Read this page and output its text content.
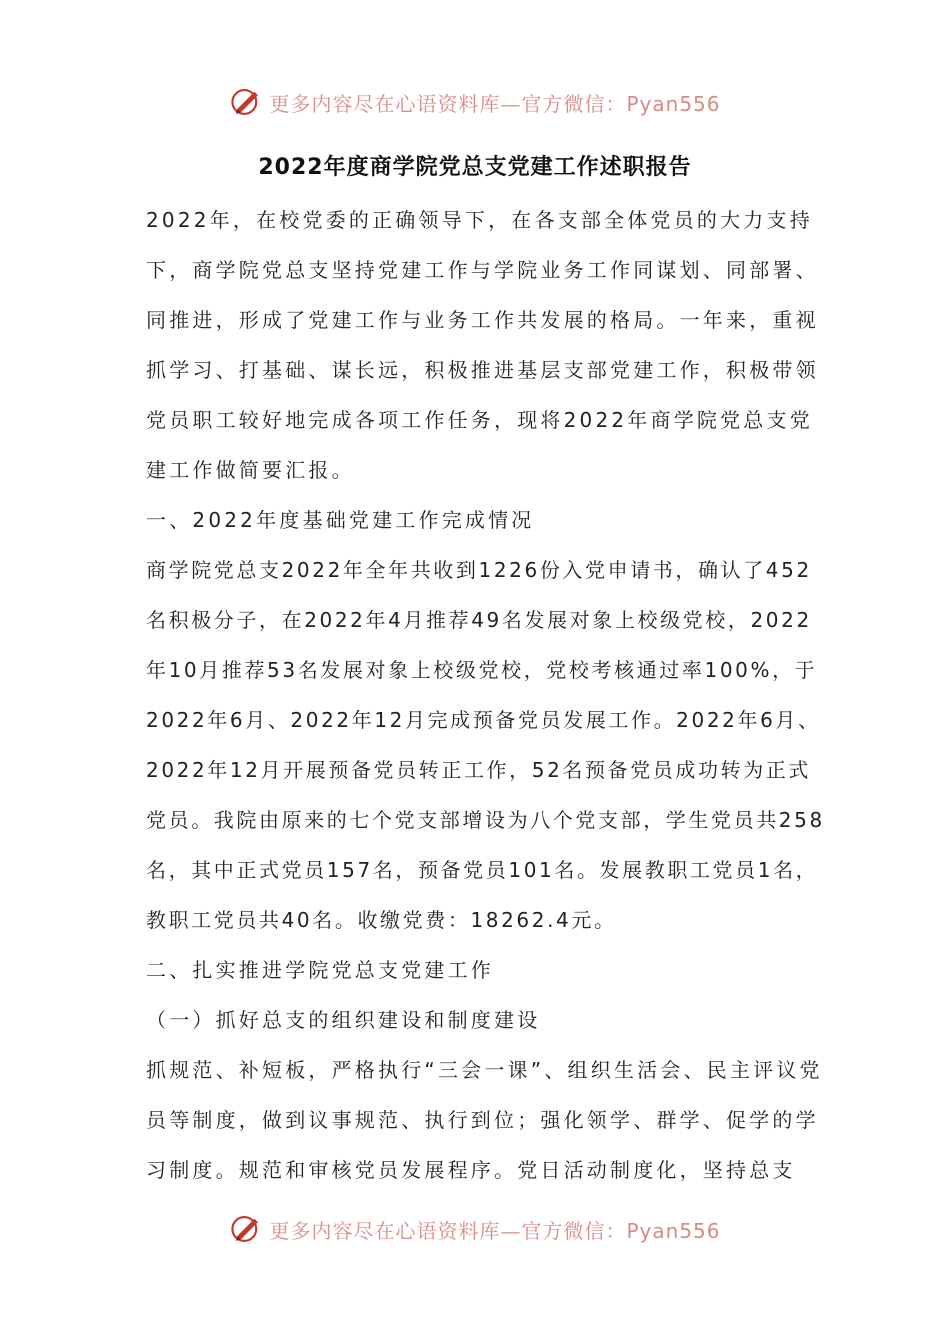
更多内容尽在心语资料库—官方微信：Pyan556
2022年度商学院党总支党建工作述职报告

2022年，在校党委的正确领导下，在各支部全体党员的大力支持下，商学院党总支坚持党建工作与学院业务工作同谋划、同部署、同推进，形成了党建工作与业务工作共发展的格局。一年来，重视抓学习、打基础、谋长远，积极推进基层支部党建工作，积极带领党员职工较好地完成各项工作任务，现将2022年商学院党总支党建工作做简要汇报。

一、2022年度基础党建工作完成情况

商学院党总支2022年全年共收到1226份入党申请书，确认了452名积极分子，在2022年4月推荐49名发展对象上校级党校，2022年10月推荐53名发展对象上校级党校，党校考核通过率100%，于2022年6月、2022年12月完成预备党员发展工作。2022年6月、2022年12月开展预备党员转正工作，52名预备党员成功转为正式党员。我院由原来的七个党支部增设为八个党支部，学生党员共258名，其中正式党员157名，预备党员101名。发展教职工党员1名，教职工党员共40名。收缴党费：18262.4元。

二、扎实推进学院党总支党建工作

（一）抓好总支的组织建设和制度建设

抓规范、补短板，严格执行“三会一课”、组织生活会、民主评议党员等制度，做到议事规范、执行到位；强化领学、群学、促学的学习制度。规范和审核党员发展程序。党日活动制度化，坚持总支

更多内容尽在心语资料库—官方微信：Pyan556
